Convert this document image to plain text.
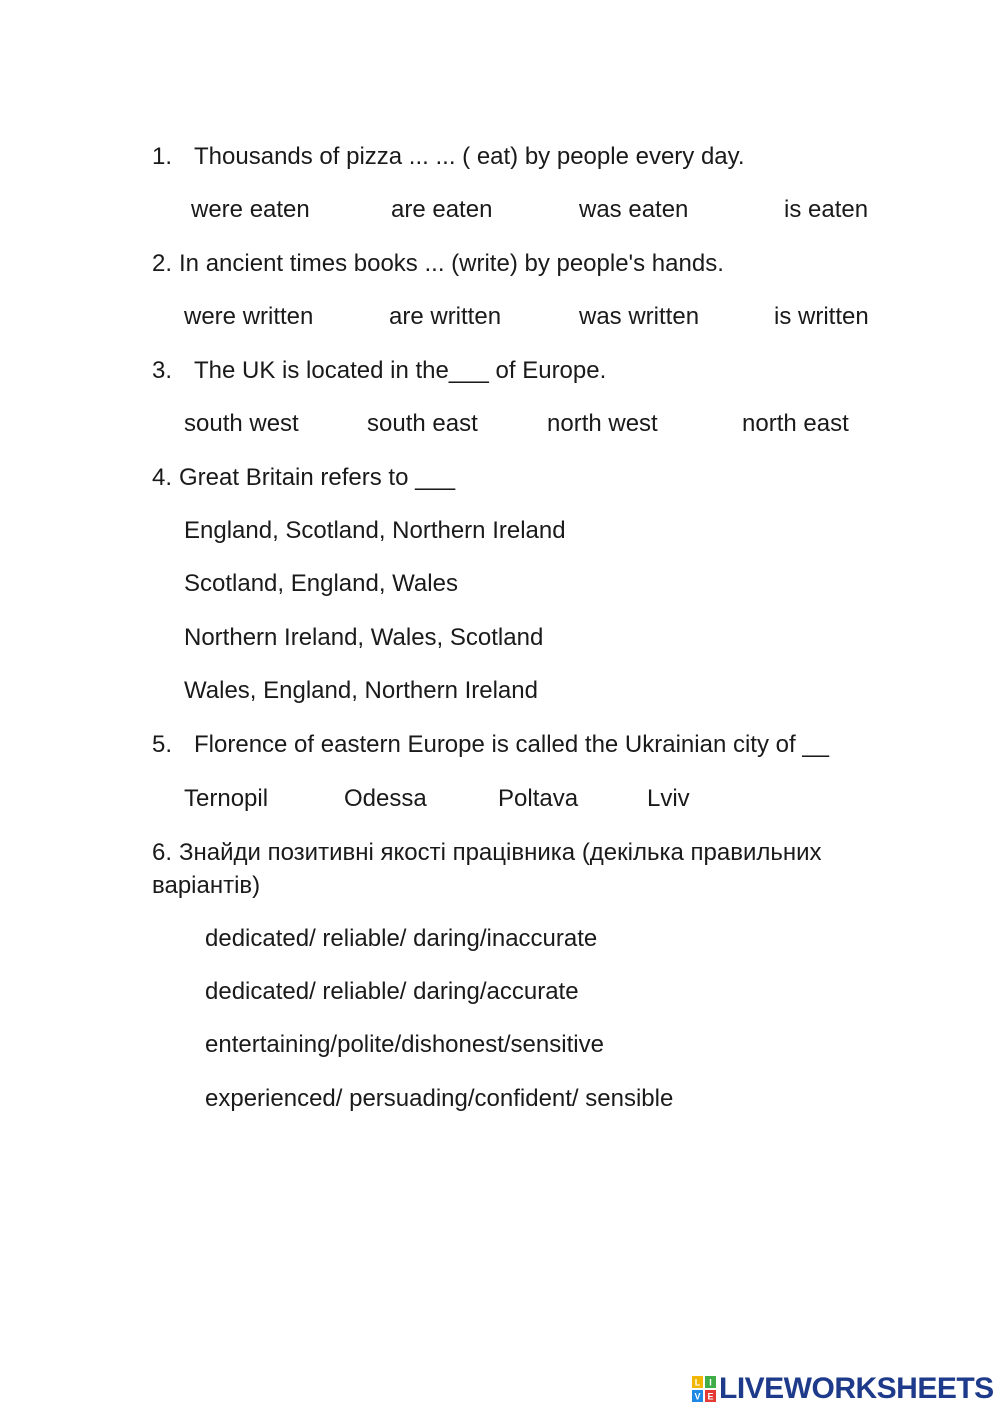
1. Thousands of pizza ... ... ( eat) by people every day.
were eaten	are eaten	was eaten	is eaten
2. In ancient times books ... (write) by people's hands.
were written	are written	was written	is written
3. The UK is located in the___ of Europe.
south west	south east	north west	north east
4. Great Britain refers to ___
England, Scotland, Northern Ireland
Scotland, England, Wales
Northern Ireland, Wales, Scotland
Wales, England, Northern Ireland
5. Florence of eastern Europe is called the Ukrainian city of __
Ternopil	Odessa	Poltava	Lviv
6. Знайди позитивні якості працівника (декілька правильних варіантів)
dedicated/ reliable/ daring/inaccurate
dedicated/ reliable/ daring/accurate
entertaining/polite/dishonest/sensitive
experienced/ persuading/confident/ sensible
L I
V E LIVEWORKSHEETS
